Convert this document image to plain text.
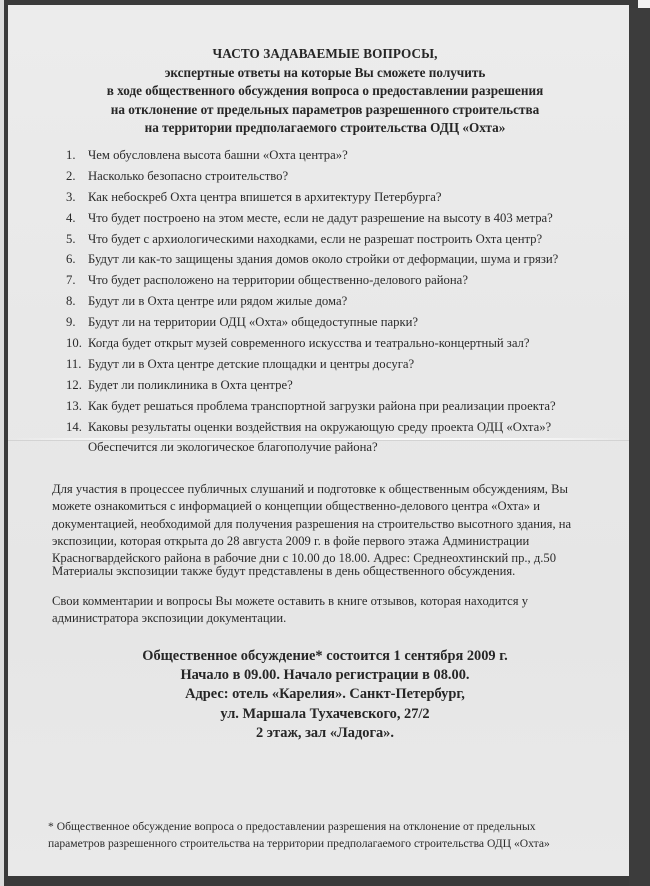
ЧАСТО ЗАДАВАЕМЫЕ ВОПРОСЫ,
экспертные ответы на которые Вы сможете получить
в ходе общественного обсуждения вопроса о предоставлении разрешения
на отклонение от предельных параметров разрешенного строительства
на территории предполагаемого строительства ОДЦ «Охта»
1. Чем обусловлена высота башни «Охта центра»?
2. Насколько безопасно строительство?
3. Как небоскреб Охта центра впишется в архитектуру Петербурга?
4. Что будет построено на этом месте, если не дадут разрешение на высоту в 403 метра?
5. Что будет с архиологическими находками, если не разрешат построить Охта центр?
6. Будут ли как-то защищены здания домов около стройки от деформации, шума и грязи?
7. Что будет расположено на территории общественно-делового района?
8. Будут ли в Охта центре или рядом жилые дома?
9. Будут ли на территории ОДЦ «Охта» общедоступные парки?
10. Когда будет открыт музей современного искусства и театрально-концертный зал?
11. Будут ли в Охта центре детские площадки и центры досуга?
12. Будет ли поликлиника в Охта центре?
13. Как будет решаться проблема транспортной загрузки района при реализации проекта?
14. Каковы результаты оценки воздействия на окружающую среду проекта ОДЦ «Охта»?
Обеспечится ли экологическое благополучие района?
Для участия в процессее публичных слушаний и подготовке к общественным обсуждениям, Вы
можете ознакомиться с информацией о концепции общественно-делового центра «Охта» и
документацией, необходимой для получения разрешения на строительство высотного здания, на
экспозиции, которая открыта до 28 августа 2009 г. в фойе первого этажа Администрации
Красногвардейского района в рабочие дни с 10.00 до 18.00. Адрес: Среднеохтинский пр., д.50
Материалы экспозиции также будут представлены в день общественного обсуждения.
Свои комментарии и вопросы Вы можете оставить в книге отзывов, которая находится у
администратора экспозиции документации.
Общественное обсуждение* состоится 1 сентября 2009 г.
Начало в 09.00. Начало регистрации в 08.00.
Адрес: отель «Карелия». Санкт-Петербург,
ул. Маршала Тухачевского, 27/2
2 этаж, зал «Ладога».
* Общественное обсуждение вопроса о предоставлении разрешения на отклонение от предельных
параметров разрешенного строительства на территории предполагаемого строительства ОДЦ «Охта»
